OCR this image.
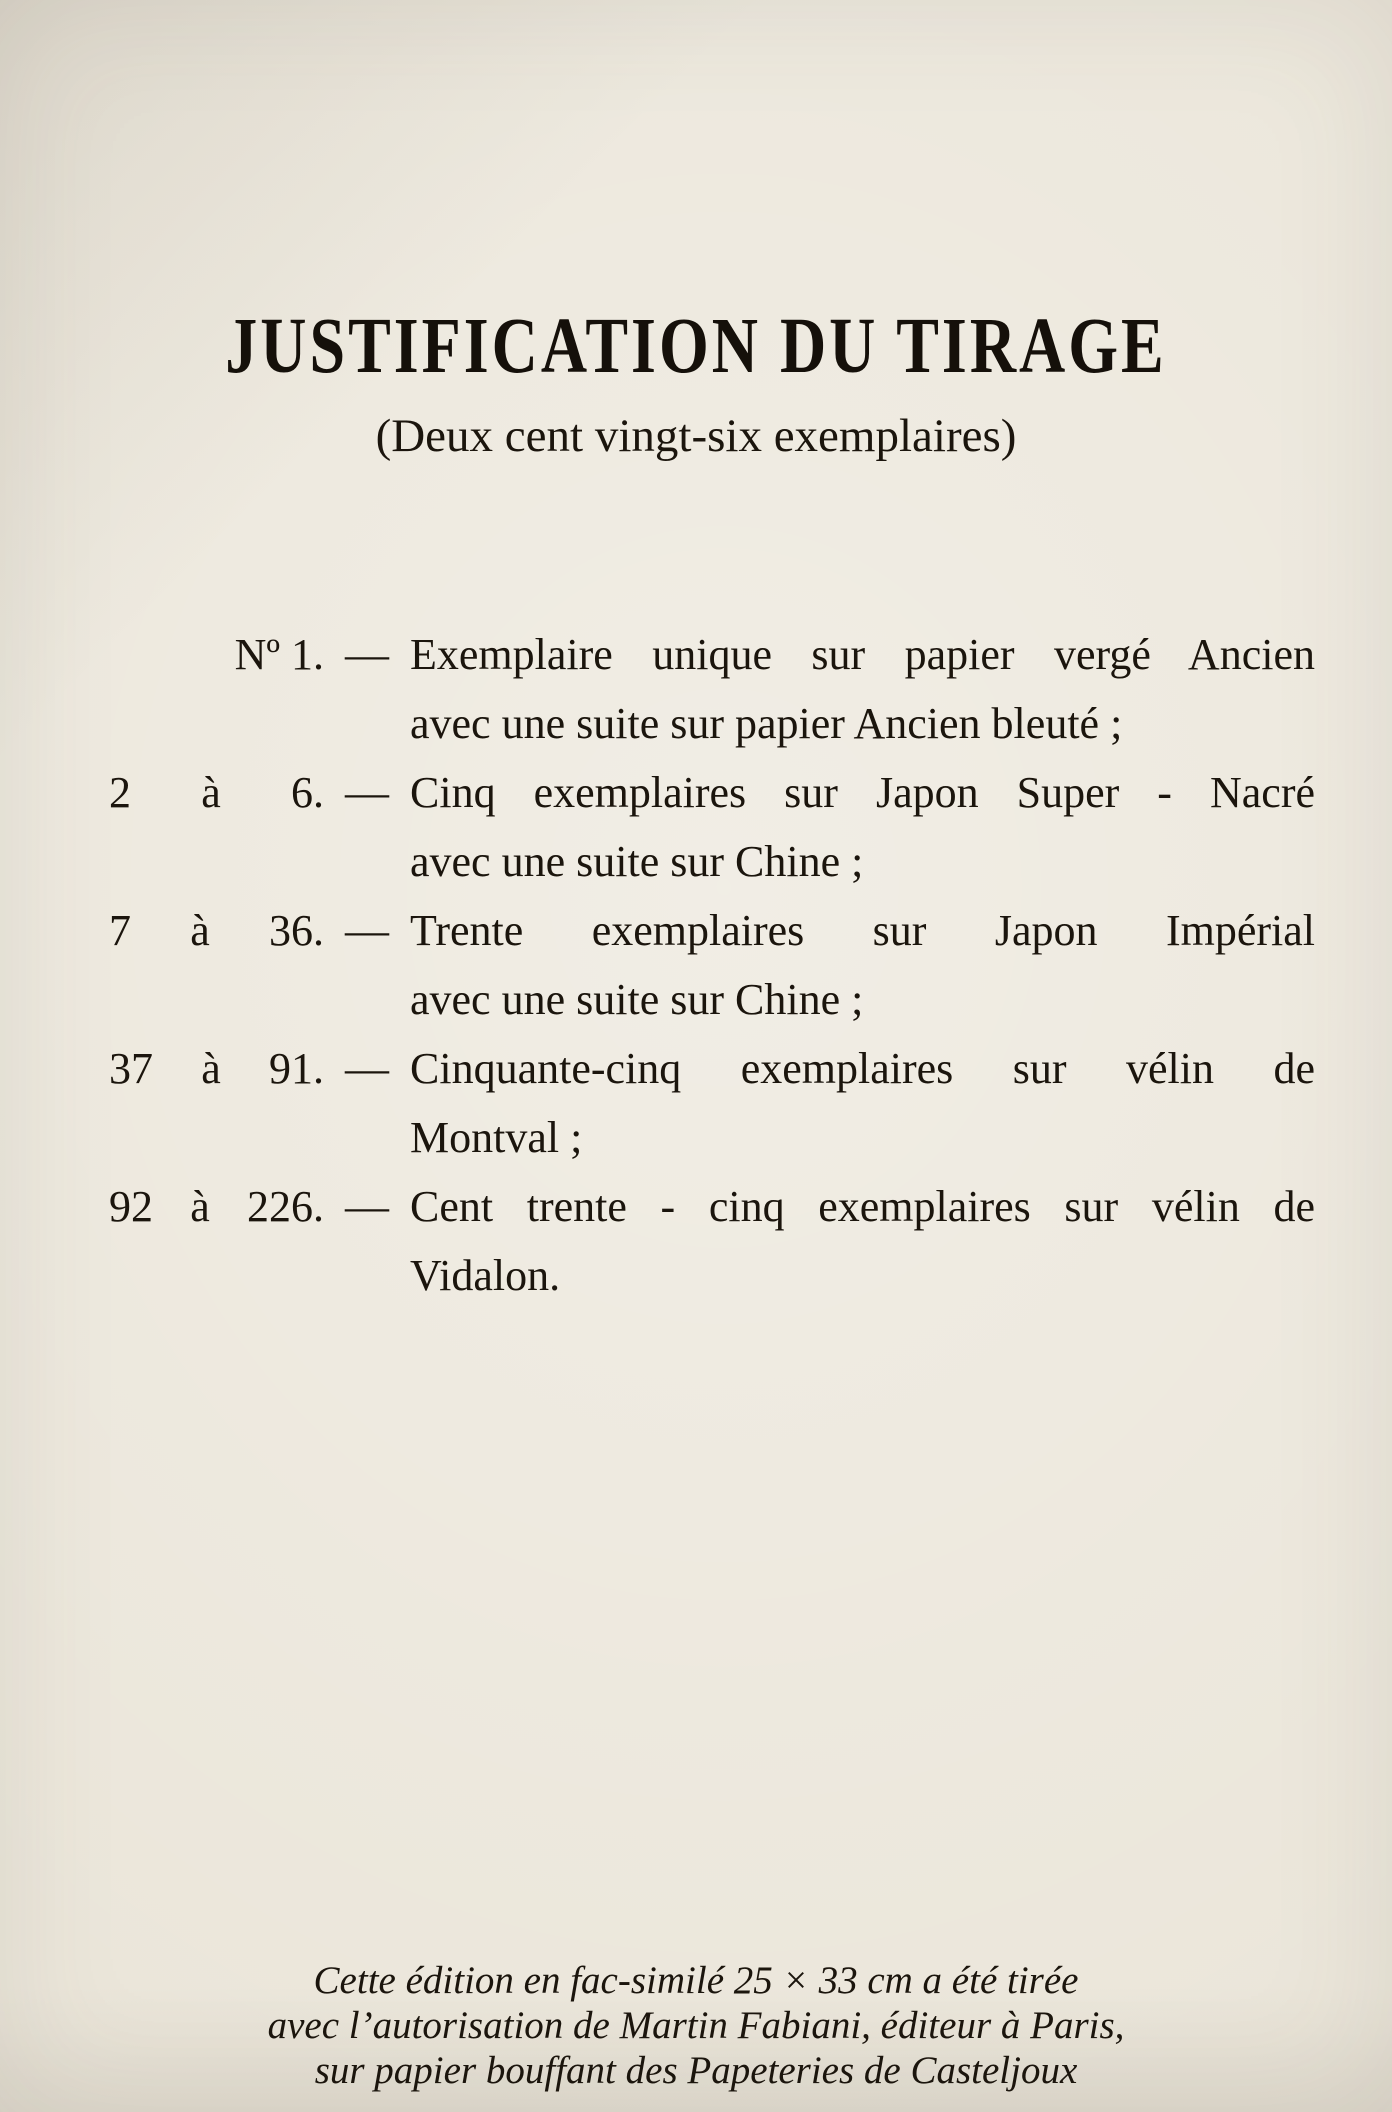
JUSTIFICATION DU TIRAGE
(Deux cent vingt-six exemplaires)
Nº 1. — Exemplaire unique sur papier vergé Ancien
avec une suite sur papier Ancien bleuté ;
2 à 6. — Cinq exemplaires sur Japon Super - Nacré
avec une suite sur Chine ;
7 à 36. — Trente exemplaires sur Japon Impérial
avec une suite sur Chine ;
37 à 91. — Cinquante-cinq exemplaires sur vélin de
Montval ;
92 à 226. — Cent trente - cinq exemplaires sur vélin de
Vidalon.
Cette édition en fac-similé 25 × 33 cm a été tirée
avec l’autorisation de Martin Fabiani, éditeur à Paris,
sur papier bouffant des Papeteries de Casteljoux
